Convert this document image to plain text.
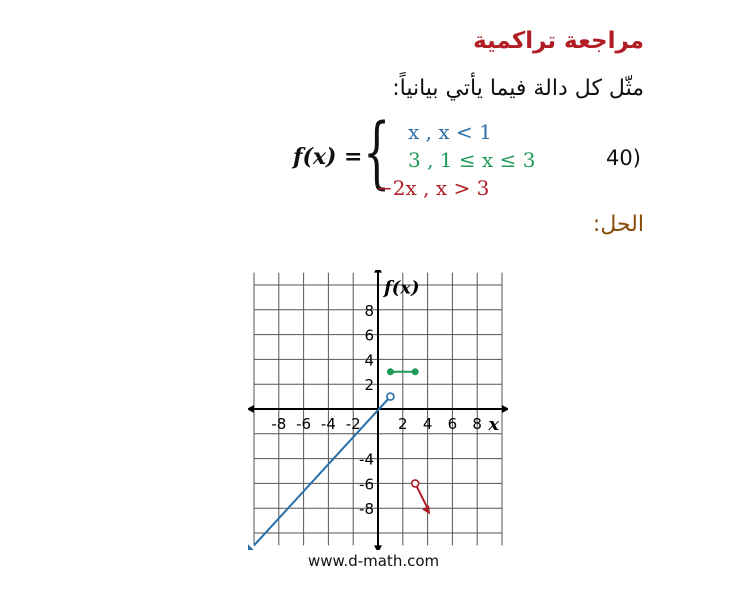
مراجعة تراكمية
مثّل كل دالة فيما يأتي بيانياً:
f(x) = { x , x < 1
3 , 1 ≤ x ≤ 3
−2x , x > 3
40)
الحل:
-8 -6 -4 -2 2 4 6 8
8
6
4
2
-4
-6
-8
f(x)
x
www.d-math.com
